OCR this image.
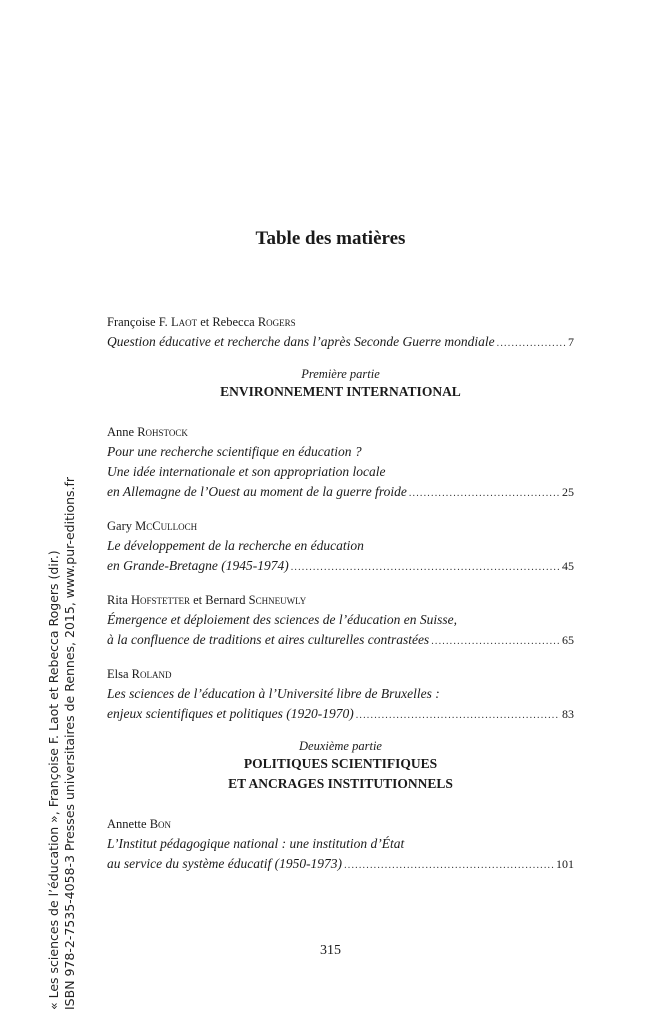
Table des matières
Françoise F. Laot et Rebecca Rogers
Question éducative et recherche dans l’après Seconde Guerre mondiale .....	7
Première partie
ENVIRONNEMENT INTERNATIONAL
Anne Rohstock
Pour une recherche scientifique en éducation ?
Une idée internationale et son appropriation locale
en Allemagne de l’Ouest au moment de la guerre froide .....	25
Gary McCulloch
Le développement de la recherche en éducation
en Grande-Bretagne (1945-1974) .....	45
Rita Hofstetter et Bernard Schneuwly
Émergence et déploiement des sciences de l’éducation en Suisse,
à la confluence de traditions et aires culturelles contrastées .....	65
Elsa Roland
Les sciences de l’éducation à l’Université libre de Bruxelles :
enjeux scientifiques et politiques (1920-1970) .....	83
Deuxième partie
POLITIQUES SCIENTIFIQUES
ET ANCRAGES INSTITUTIONNELS
Annette Bon
L’Institut pédagogique national : une institution d’État
au service du système éducatif (1950-1973) .....	101
315
« Les sciences de l’éducation », Françoise F. Laot et Rebecca Rogers (dir.) ISBN 978-2-7535-4058-3 Presses universitaires de Rennes, 2015, www.pur-editions.fr
